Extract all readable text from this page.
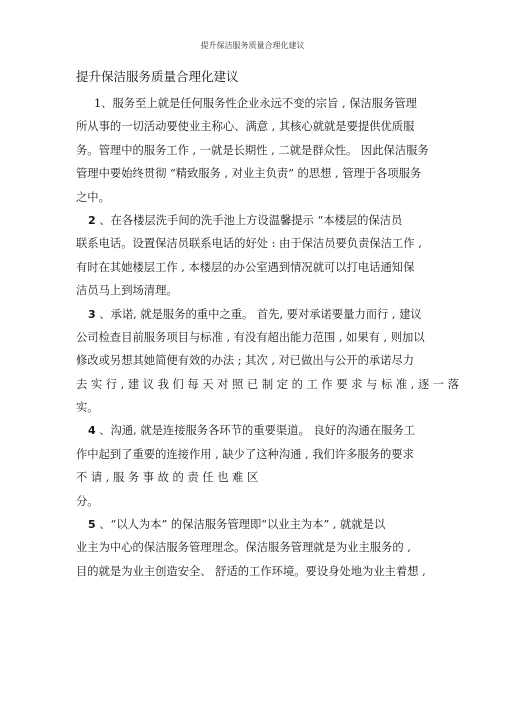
提升保洁服务质量合理化建议
提升保洁服务质量合理化建议
1、服务至上就是任何服务性企业永远不变的宗旨 , 保洁服务管理
所从事的一切活动要使业主称心、满意 , 其核心就就是要提供优质服
务。管理中的服务工作 , 一就是长期性 , 二就是群众性。 因此保洁服务
管理中要始终贯彻 “精致服务 , 对业主负责” 的思想 , 管理于各项服务
之中。
2 、在各楼层洗手间的洗手池上方设温馨提示 “本楼层的保洁员
联系电话。设置保洁员联系电话的好处 : 由于保洁员要负责保洁工作 ,
有时在其她楼层工作 , 本楼层的办公室遇到情况就可以打电话通知保
洁员马上到场清理。
3 、承诺, 就是服务的重中之重。 首先, 要对承诺要量力而行 , 建议
公司检查目前服务项目与标准 , 有没有超出能力范围 , 如果有 , 则加以
修改或另想其她简便有效的办法 ; 其次 , 对已做出与公开的承诺尽力
去 实 行 , 建 议 我 们 每 天 对 照 已 制 定 的 工 作 要 求 与 标 准 , 逐 一 落
实。
4 、沟通, 就是连接服务各环节的重要渠道。 良好的沟通在服务工
作中起到了重要的连接作用 , 缺少了这种沟通 , 我们许多服务的要求
不 请 , 服 务 事 故 的 责 任 也 难 区
分。
5 、“以人为本” 的保洁服务管理即“以业主为本” , 就就是以
业主为中心的保洁服务管理理念。保洁服务管理就是为业主服务的 ,
目的就是为业主创造安全、 舒适的工作环境。要设身处地为业主着想 ,
